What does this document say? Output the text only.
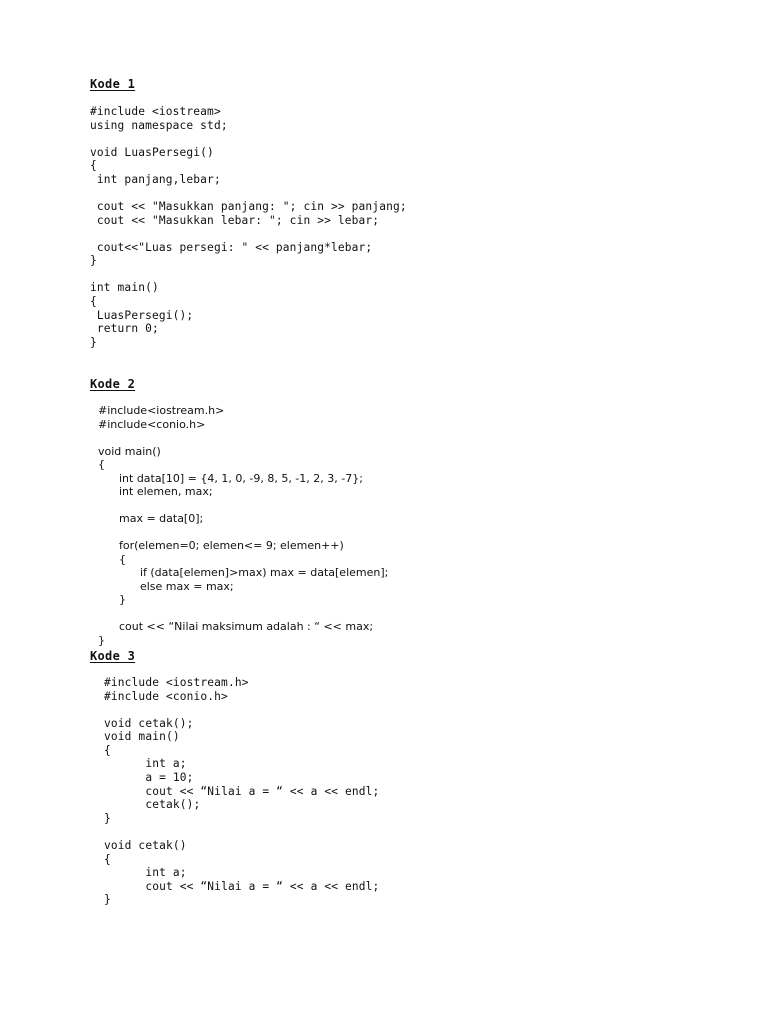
Kode 1
#include <iostream>
using namespace std;
void LuasPersegi()
{
int panjang,lebar;
cout << "Masukkan panjang: "; cin >> panjang;
cout << "Masukkan lebar: "; cin >> lebar;
cout<<"Luas persegi: " << panjang*lebar;
}
int main()
{
LuasPersegi();
return 0;
}
Kode 2
#include<iostream.h>
#include<conio.h>
void main()
{
		int data[10] = {4, 1, 0, -9, 8, 5, -1, 2, 3, -7};
		int elemen, max;
		max = data[0];
		for(elemen=0; elemen<= 9; elemen++)
		{
				if (data[elemen]>max) max = data[elemen];
				else max = max;
		}
		cout << “Nilai maksimum adalah : “ << max;
}
Kode 3
#include <iostream.h>
#include <conio.h>
void cetak();
void main()
{
	int a;
	a = 10;
	cout << “Nilai a = “ << a << endl;
	cetak();
}
void cetak()
{
	int a;
	cout << “Nilai a = “ << a << endl;
}
